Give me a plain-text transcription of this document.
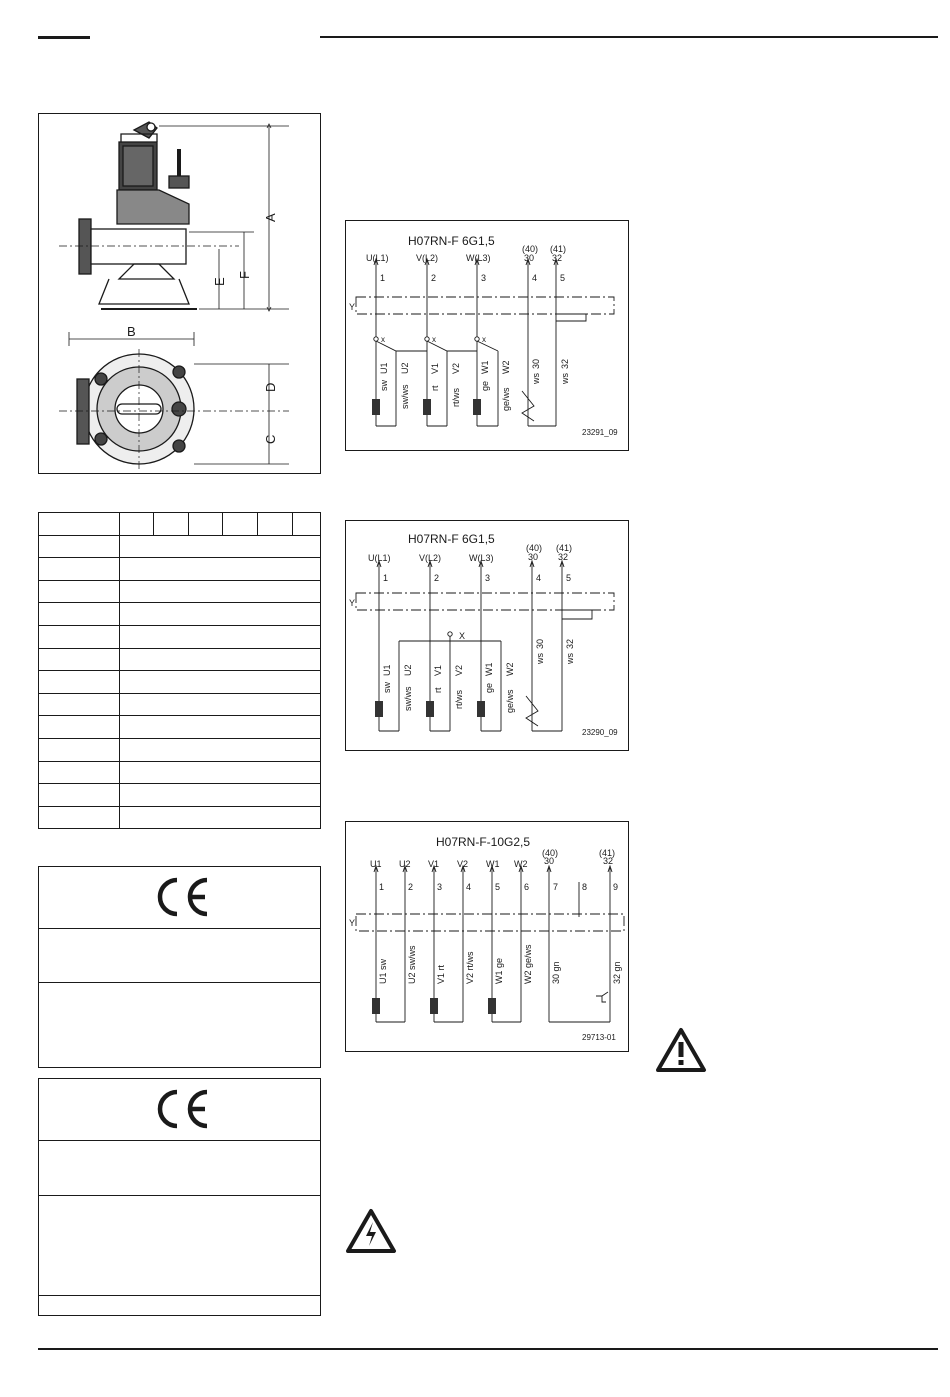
A
B
C
D
E
F

H07RN-F 6G1,5
U(L1)	V(L2)	W(L3)
(40)
30
(41)
32
1	2	3	4	5
Y
x	x	x
sw
U1
sw/ws
U2
rt
V1
rt/ws
V2
ge
W1
ge/ws
W2
ws
30
ws
32
23291_09
H07RN-F 6G1,5
U(L1)	V(L2)	W(L3)
(40)
30
(41)
32
1	2	3	4	5
Y
X
sw
U1
sw/ws
U2
rt
V1
rt/ws
V2
ge
W1
ge/ws
W2
ws
30
ws
32
23290_09
H07RN-F-10G2,5
U1 U2 V1 V2 W1 W2
(40)
30
(41)
32
1	2	3	4	5	6	7	8	9
Y
U1 sw U2 sw/ws V1 rt V2 rt/ws W1 ge W2 ge/ws 30 gn	32 gn
29713-01
